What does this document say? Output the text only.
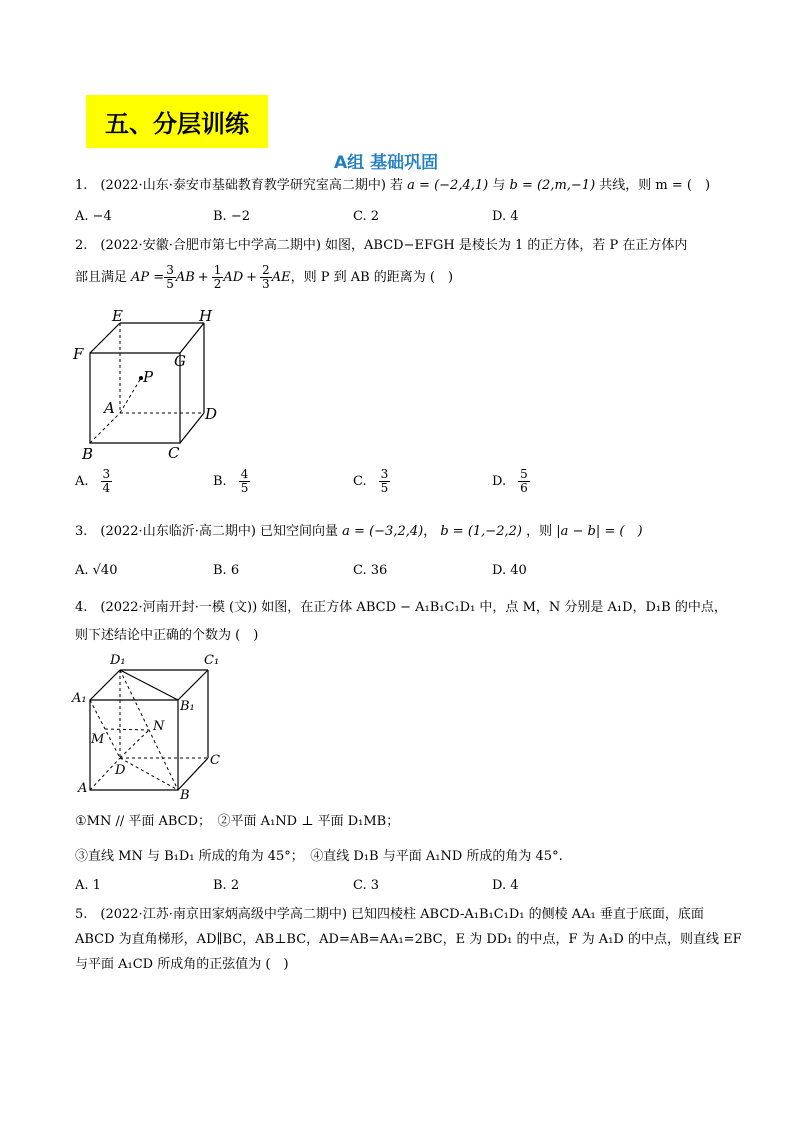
五、分层训练
A组 基础巩固
1.　(2022·山东·泰安市基础教育教学研究室高二期中) 若 a = (−2,4,1) 与 b = (2,m,−1) 共线，则 m = (　)
A. −4	B. −2	C. 2	D. 4
2.　(2022·安徽·合肥市第七中学高二期中) 如图，ABCD−EFGH 是棱长为 1 的正方体，若 P 在正方体内
部且满足 AP = $\frac{3}{5}$ AB + $\frac{1}{2}$ AD + $\frac{2}{3}$ AE ，则 P 到 AB 的距离为 (　)
E	H
F	G
P
A	D
B	C
A. $\frac{3}{4}$	B. $\frac{4}{5}$	C. $\frac{3}{5}$	D. $\frac{5}{6}$
3.　(2022·山东临沂·高二期中) 已知空间向量 a = (−3,2,4)， b = (1,−2,2) ，则 |a − b| = (　)
A. √40	B. 6	C. 36	D. 40
4.　(2022·河南开封·一模 (文)) 如图，在正方体 ABCD − A₁B₁C₁D₁ 中，点 M，N 分别是 A₁D，D₁B 的中点，
则下述结论中正确的个数为 (　)
D₁	C₁
A₁
B₁
N
M
D
C
A	B
①MN // 平面 ABCD；　②平面 A₁ND ⊥ 平面 D₁MB；
③直线 MN 与 B₁D₁ 所成的角为 45°；　④直线 D₁B 与平面 A₁ND 所成的角为 45°.
A. 1	B. 2	C. 3	D. 4
5.　(2022·江苏·南京田家炳高级中学高二期中) 已知四棱柱 ABCD-A₁B₁C₁D₁ 的侧棱 AA₁ 垂直于底面，底面
ABCD 为直角梯形，AD∥BC，AB⊥BC，AD=AB=AA₁=2BC，E 为 DD₁ 的中点，F 为 A₁D 的中点，则直线 EF
与平面 A₁CD 所成角的正弦值为 (　)
